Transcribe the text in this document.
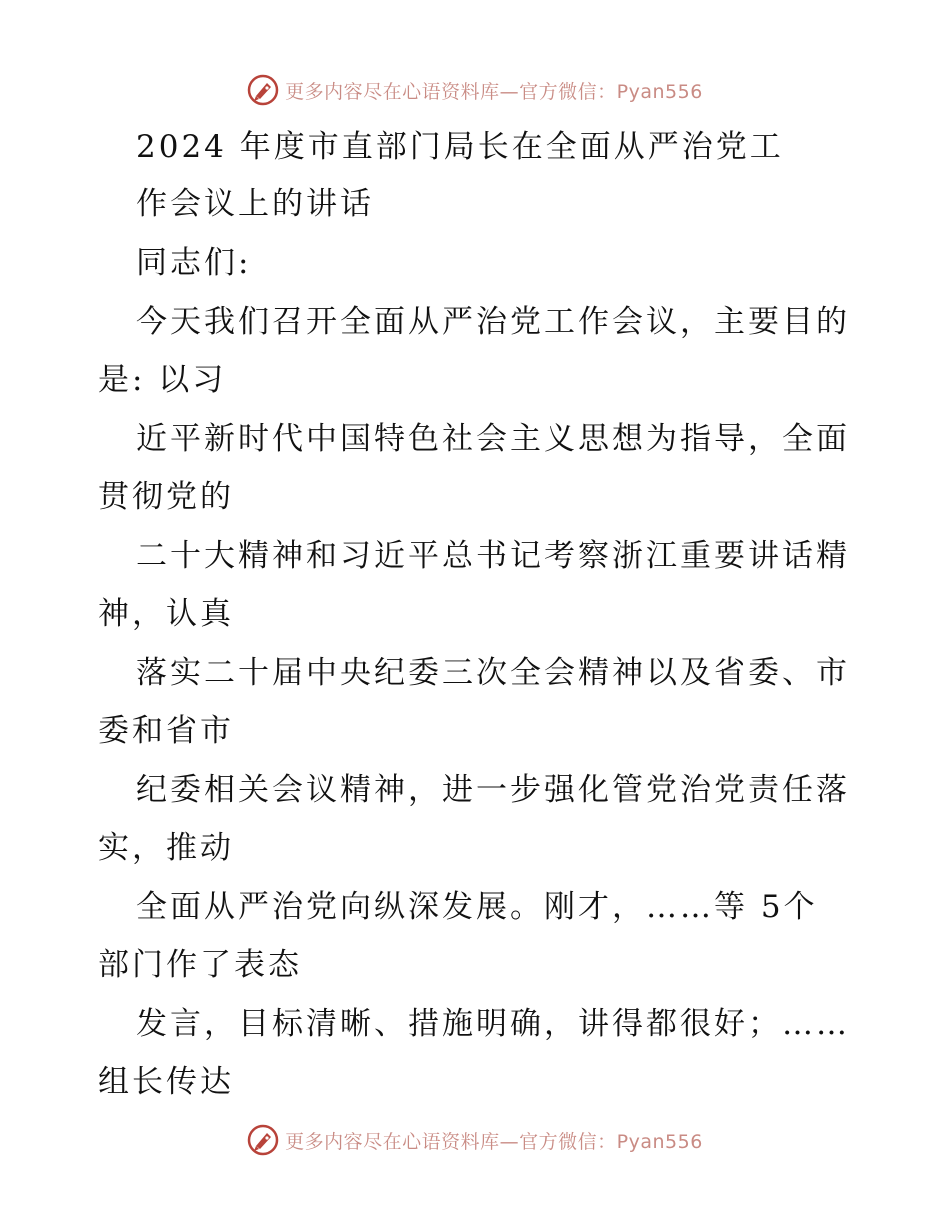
更多内容尽在心语资料库—官方微信：Pyan556
2024 年度市直部门局长在全面从严治党工
作会议上的讲话
同志们:
今天我们召开全面从严治党工作会议，主要目的
是: 以习
近平新时代中国特色社会主义思想为指导，全面
贯彻党的
二十大精神和习近平总书记考察浙江重要讲话精
神，认真
落实二十届中央纪委三次全会精神以及省委、市
委和省市
纪委相关会议精神，进一步强化管党治党责任落
实，推动
全面从严治党向纵深发展。刚才，……等 5个
部门作了表态
发言，目标清晰、措施明确，讲得都很好；……
组长传达
更多内容尽在心语资料库—官方微信：Pyan556
